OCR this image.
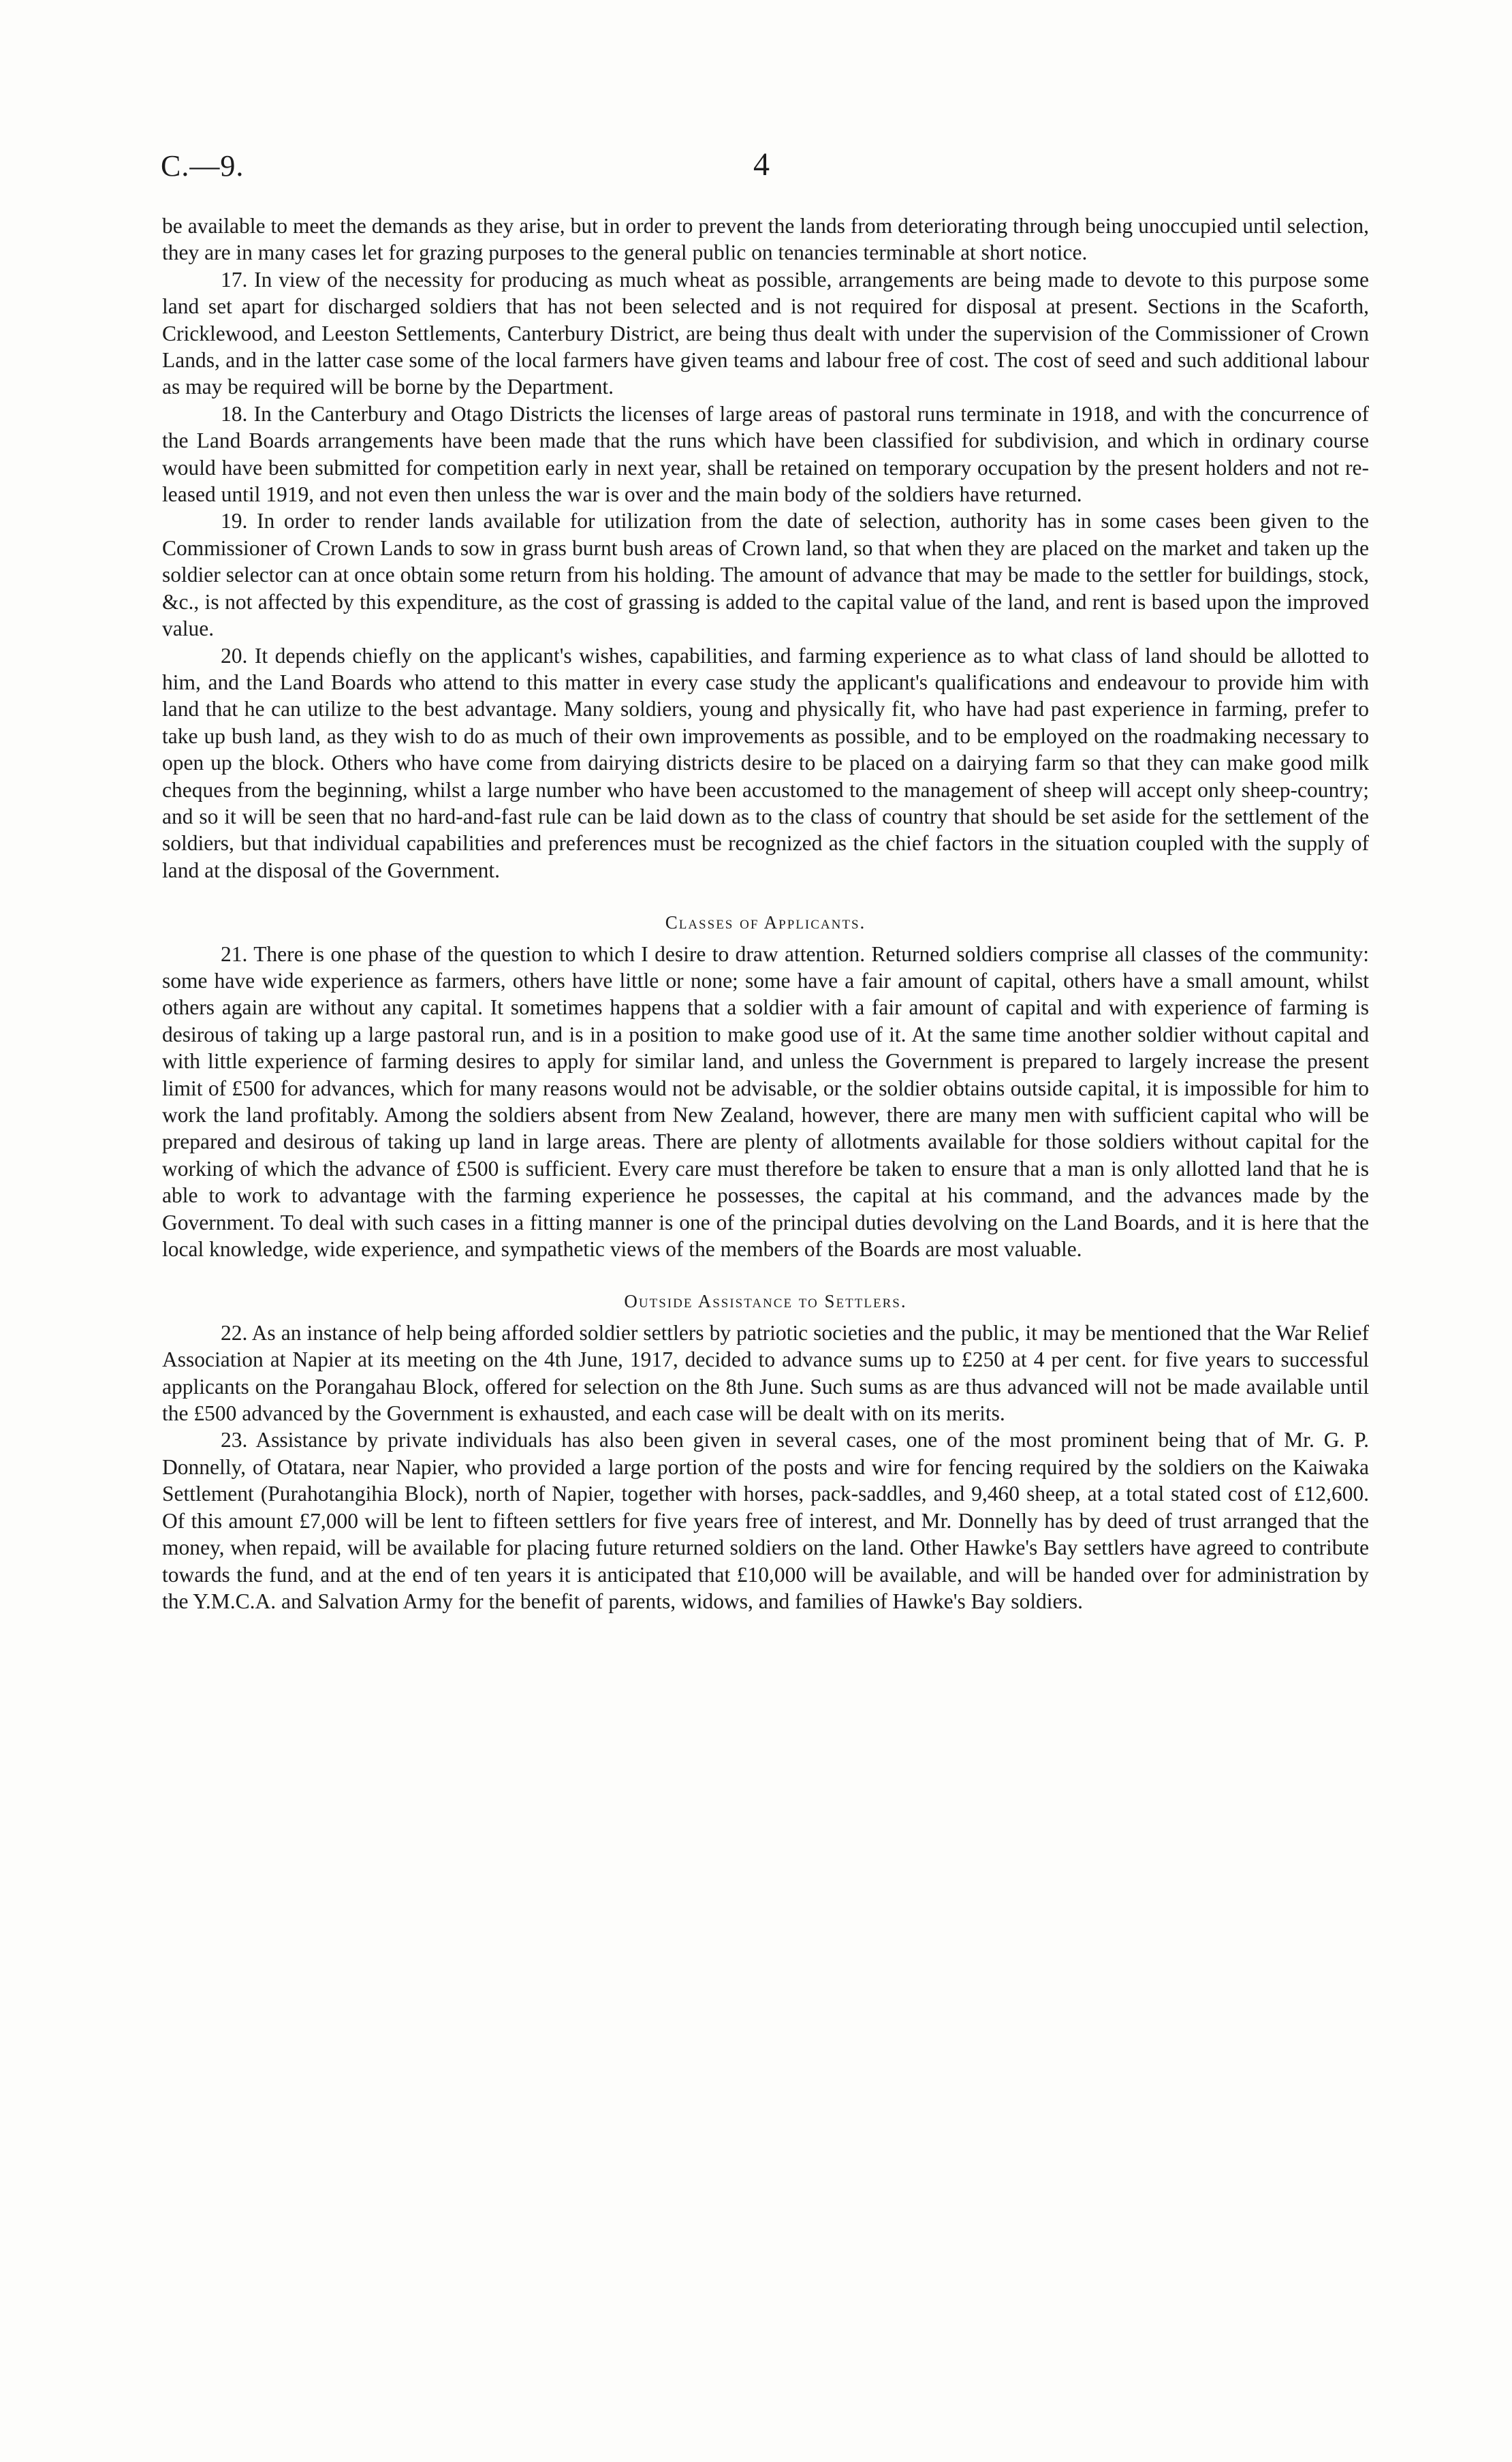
C.—9.	4

be available to meet the demands as they arise, but in order to prevent the lands from deteriorating through being unoccupied until selection, they are in many cases let for grazing purposes to the general public on tenancies terminable at short notice.

17. In view of the necessity for producing as much wheat as possible, arrangements are being made to devote to this purpose some land set apart for discharged soldiers that has not been selected and is not required for disposal at present. Sections in the Scaforth, Cricklewood, and Leeston Settlements, Canterbury District, are being thus dealt with under the supervision of the Commissioner of Crown Lands, and in the latter case some of the local farmers have given teams and labour free of cost. The cost of seed and such additional labour as may be required will be borne by the Department.

18. In the Canterbury and Otago Districts the licenses of large areas of pastoral runs terminate in 1918, and with the concurrence of the Land Boards arrangements have been made that the runs which have been classified for subdivision, and which in ordinary course would have been submitted for competition early in next year, shall be retained on temporary occupation by the present holders and not re-leased until 1919, and not even then unless the war is over and the main body of the soldiers have returned.

19. In order to render lands available for utilization from the date of selection, authority has in some cases been given to the Commissioner of Crown Lands to sow in grass burnt bush areas of Crown land, so that when they are placed on the market and taken up the soldier selector can at once obtain some return from his holding. The amount of advance that may be made to the settler for buildings, stock, &c., is not affected by this expenditure, as the cost of grassing is added to the capital value of the land, and rent is based upon the improved value.

20. It depends chiefly on the applicant's wishes, capabilities, and farming experience as to what class of land should be allotted to him, and the Land Boards who attend to this matter in every case study the applicant's qualifications and endeavour to provide him with land that he can utilize to the best advantage. Many soldiers, young and physically fit, who have had past experience in farming, prefer to take up bush land, as they wish to do as much of their own improvements as possible, and to be employed on the roadmaking necessary to open up the block. Others who have come from dairying districts desire to be placed on a dairying farm so that they can make good milk cheques from the beginning, whilst a large number who have been accustomed to the management of sheep will accept only sheep-country; and so it will be seen that no hard-and-fast rule can be laid down as to the class of country that should be set aside for the settlement of the soldiers, but that individual capabilities and preferences must be recognized as the chief factors in the situation coupled with the supply of land at the disposal of the Government.

Classes of Applicants.

21. There is one phase of the question to which I desire to draw attention. Returned soldiers comprise all classes of the community: some have wide experience as farmers, others have little or none; some have a fair amount of capital, others have a small amount, whilst others again are without any capital. It sometimes happens that a soldier with a fair amount of capital and with experience of farming is desirous of taking up a large pastoral run, and is in a position to make good use of it. At the same time another soldier without capital and with little experience of farming desires to apply for similar land, and unless the Government is prepared to largely increase the present limit of £500 for advances, which for many reasons would not be advisable, or the soldier obtains outside capital, it is impossible for him to work the land profitably. Among the soldiers absent from New Zealand, however, there are many men with sufficient capital who will be prepared and desirous of taking up land in large areas. There are plenty of allotments available for those soldiers without capital for the working of which the advance of £500 is sufficient. Every care must therefore be taken to ensure that a man is only allotted land that he is able to work to advantage with the farming experience he possesses, the capital at his command, and the advances made by the Government. To deal with such cases in a fitting manner is one of the principal duties devolving on the Land Boards, and it is here that the local knowledge, wide experience, and sympathetic views of the members of the Boards are most valuable.

Outside Assistance to Settlers.

22. As an instance of help being afforded soldier settlers by patriotic societies and the public, it may be mentioned that the War Relief Association at Napier at its meeting on the 4th June, 1917, decided to advance sums up to £250 at 4 per cent. for five years to successful applicants on the Porangahau Block, offered for selection on the 8th June. Such sums as are thus advanced will not be made available until the £500 advanced by the Government is exhausted, and each case will be dealt with on its merits.

23. Assistance by private individuals has also been given in several cases, one of the most prominent being that of Mr. G. P. Donnelly, of Otatara, near Napier, who provided a large portion of the posts and wire for fencing required by the soldiers on the Kaiwaka Settlement (Purahotangihia Block), north of Napier, together with horses, pack-saddles, and 9,460 sheep, at a total stated cost of £12,600. Of this amount £7,000 will be lent to fifteen settlers for five years free of interest, and Mr. Donnelly has by deed of trust arranged that the money, when repaid, will be available for placing future returned soldiers on the land. Other Hawke's Bay settlers have agreed to contribute towards the fund, and at the end of ten years it is anticipated that £10,000 will be available, and will be handed over for administration by the Y.M.C.A. and Salvation Army for the benefit of parents, widows, and families of Hawke's Bay soldiers.
